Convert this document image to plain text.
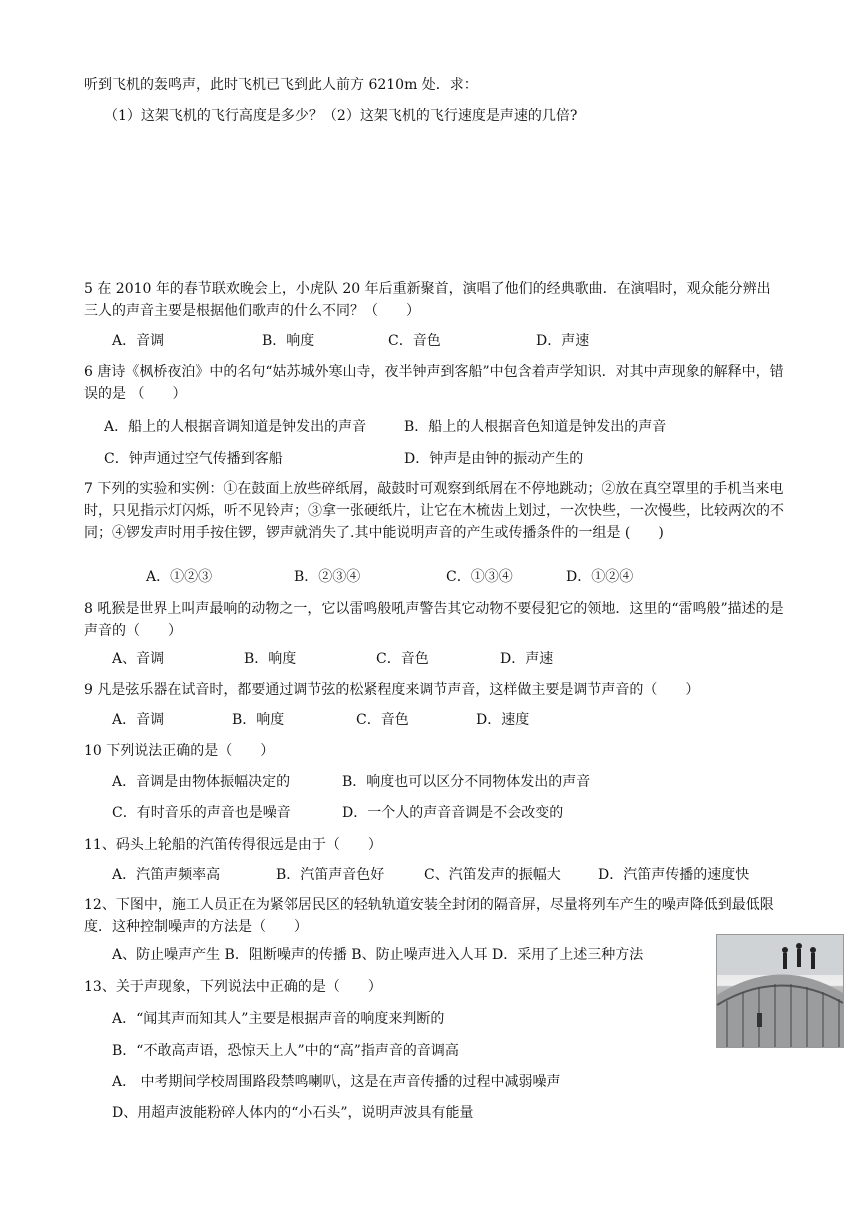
听到飞机的轰鸣声，此时飞机已飞到此人前方 6210m 处．求：
（1）这架飞机的飞行高度是多少？（2）这架飞机的飞行速度是声速的几倍?
5 在 2010 年的春节联欢晚会上，小虎队 20 年后重新聚首，演唱了他们的经典歌曲．在演唱时，观众能分辨出三人的声音主要是根据他们歌声的什么不同？（　　）
A．音调	B．响度	C．音色	D．声速
6 唐诗《枫桥夜泊》中的名句“姑苏城外寒山寺，夜半钟声到客船”中包含着声学知识．对其中声现象的解释中，错误的是 （　　）
A．船上的人根据音调知道是钟发出的声音	B．船上的人根据音色知道是钟发出的声音
C．钟声通过空气传播到客船	D．钟声是由钟的振动产生的
7 下列的实验和实例：①在鼓面上放些碎纸屑，敲鼓时可观察到纸屑在不停地跳动；②放在真空罩里的手机当来电时，只见指示灯闪烁，听不见铃声；③拿一张硬纸片，让它在木梳齿上划过，一次快些，一次慢些，比较两次的不同；④锣发声时用手按住锣，锣声就消失了.其中能说明声音的产生或传播条件的一组是 (　　)
A．①②③	B．②③④	C．①③④	D．①②④
8 吼猴是世界上叫声最响的动物之一，它以雷鸣般吼声警告其它动物不要侵犯它的领地．这里的“雷鸣般”描述的是声音的（　　）
A、音调	B．响度	C．音色	D．声速
9 凡是弦乐器在试音时，都要通过调节弦的松紧程度来调节声音，这样做主要是调节声音的（　　）
A．音调	B．响度	C．音色	D．速度
10 下列说法正确的是（　　）
A．音调是由物体振幅决定的	B．响度也可以区分不同物体发出的声音
C．有时音乐的声音也是噪音	D．一个人的声音音调是不会改变的
11、码头上轮船的汽笛传得很远是由于（　　）
A．汽笛声频率高	B．汽笛声音色好	C、汽笛发声的振幅大	D．汽笛声传播的速度快
12、下图中，施工人员正在为紧邻居民区的轻轨轨道安装全封闭的隔音屏，尽量将列车产生的噪声降低到最低限度．这种控制噪声的方法是（　　）
A、防止噪声产生 B．阻断噪声的传播 B、防止噪声进入人耳 D．采用了上述三种方法
13、关于声现象，下列说法中正确的是（　　）
A．“闻其声而知其人”主要是根据声音的响度来判断的
B．“不敢高声语，恐惊天上人”中的“高”指声音的音调高
A． 中考期间学校周围路段禁鸣喇叭，这是在声音传播的过程中减弱噪声
D、用超声波能粉碎人体内的“小石头”，说明声波具有能量
